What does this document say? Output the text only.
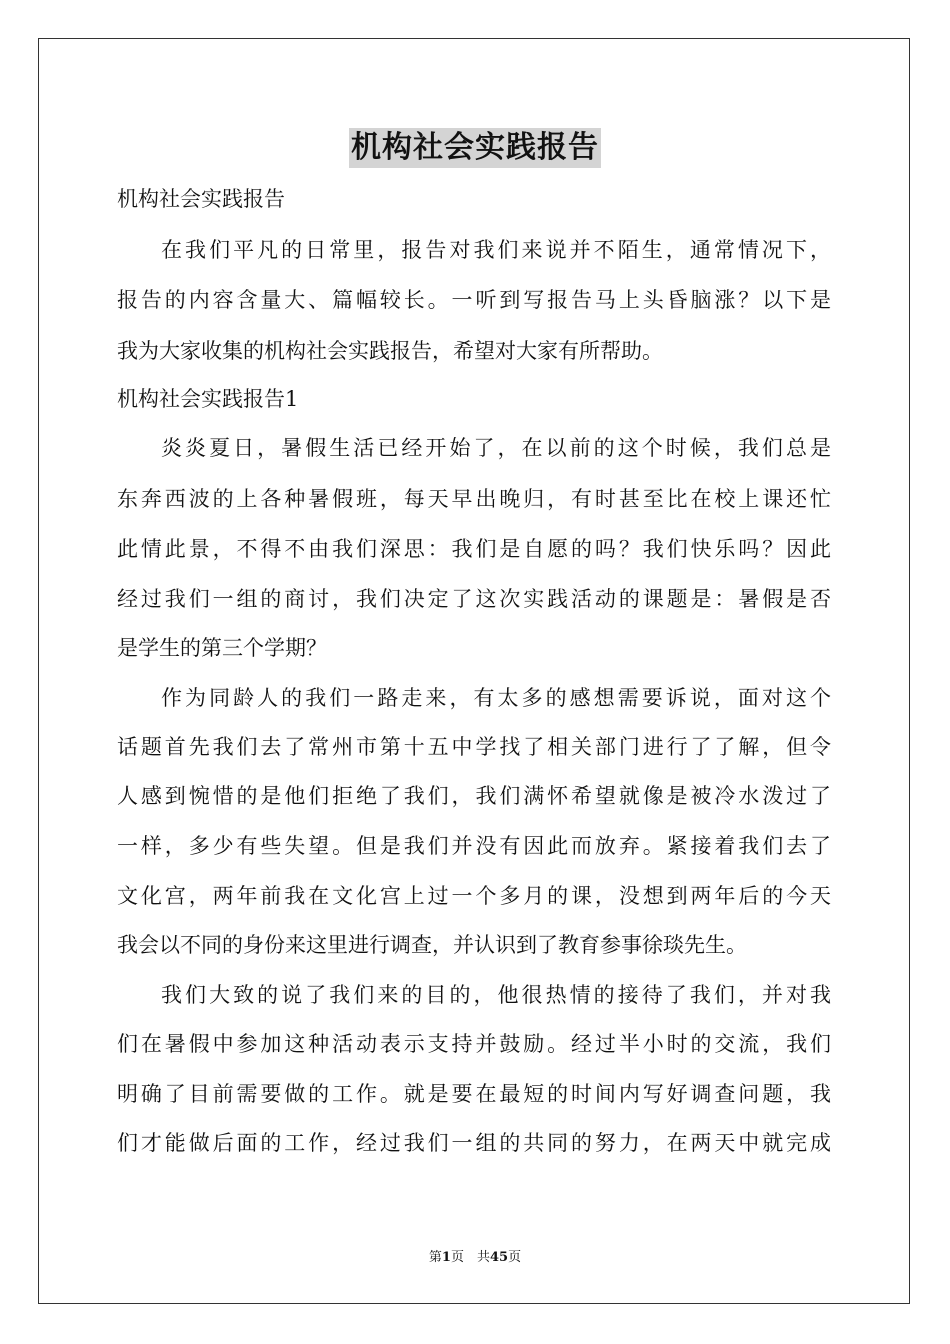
机构社会实践报告
机构社会实践报告
在我们平凡的日常里，报告对我们来说并不陌生，通常情况下，
报告的内容含量大、篇幅较长。一听到写报告马上头昏脑涨？以下是
我为大家收集的机构社会实践报告，希望对大家有所帮助。
机构社会实践报告1
炎炎夏日，暑假生活已经开始了，在以前的这个时候，我们总是
东奔西波的上各种暑假班，每天早出晚归，有时甚至比在校上课还忙
此情此景，不得不由我们深思：我们是自愿的吗？我们快乐吗？因此
经过我们一组的商讨，我们决定了这次实践活动的课题是：暑假是否
是学生的第三个学期？
作为同龄人的我们一路走来，有太多的感想需要诉说，面对这个
话题首先我们去了常州市第十五中学找了相关部门进行了了解，但令
人感到惋惜的是他们拒绝了我们，我们满怀希望就像是被冷水泼过了
一样，多少有些失望。但是我们并没有因此而放弃。紧接着我们去了
文化宫，两年前我在文化宫上过一个多月的课，没想到两年后的今天
我会以不同的身份来这里进行调查，并认识到了教育参事徐琰先生。
我们大致的说了我们来的目的，他很热情的接待了我们，并对我
们在暑假中参加这种活动表示支持并鼓励。经过半小时的交流，我们
明确了目前需要做的工作。就是要在最短的时间内写好调查问题，我
们才能做后面的工作，经过我们一组的共同的努力，在两天中就完成
第1页　共45页
